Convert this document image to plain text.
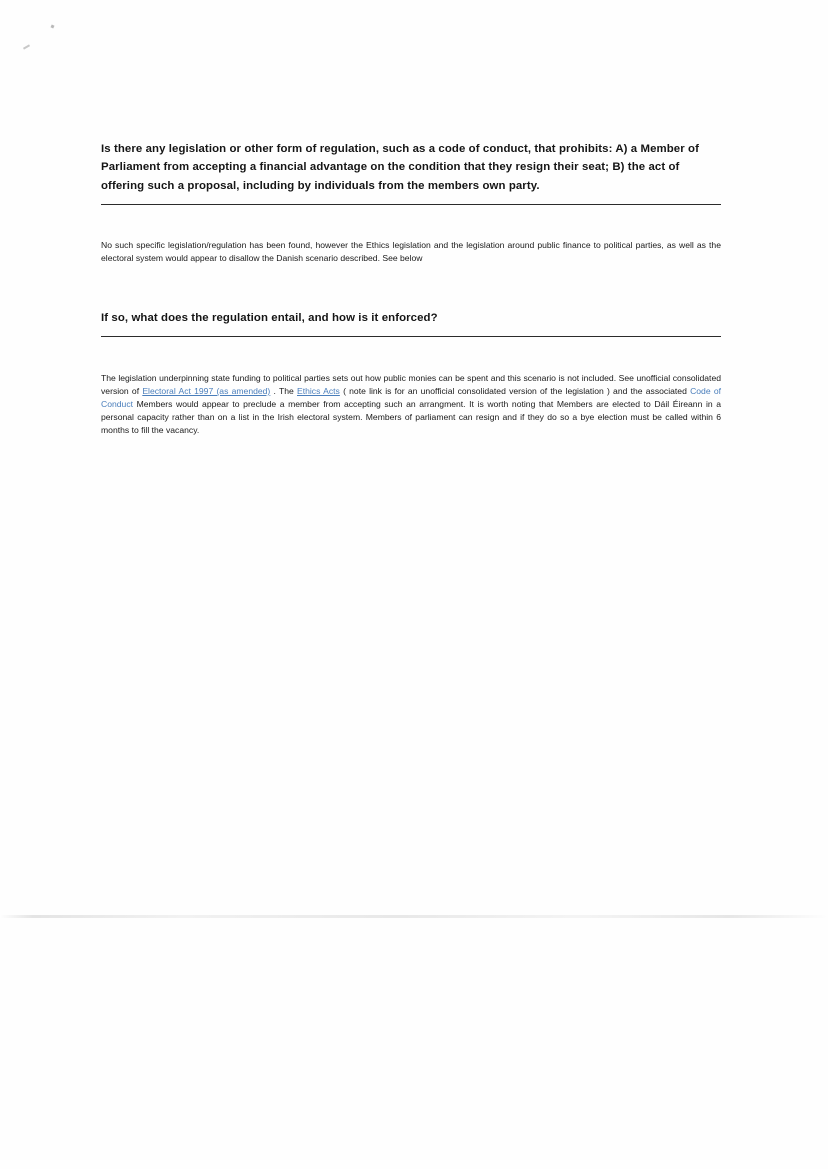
Is there any legislation or other form of regulation, such as a code of conduct, that prohibits: A) a Member of Parliament from accepting a financial advantage on the condition that they resign their seat; B) the act of offering such a proposal, including by individuals from the members own party.

No such specific legislation/regulation has been found, however the Ethics legislation and the legislation around public finance to political parties, as well as the electoral system would appear to disallow the Danish scenario described. See below

If so, what does the regulation entail, and how is it enforced?

The legislation underpinning state funding to political parties sets out how public monies can be spent and this scenario is not included. See unofficial consolidated version of Electoral Act 1997 (as amended) . The Ethics Acts ( note link is for an unofficial consolidated version of the legislation ) and the associated Code of Conduct Members would appear to preclude a member from accepting such an arrangment. It is worth noting that Members are elected to Dáil Éireann in a personal capacity rather than on a list in the Irish electoral system. Members of parliament can resign and if they do so a bye election must be called within 6 months to fill the vacancy.
